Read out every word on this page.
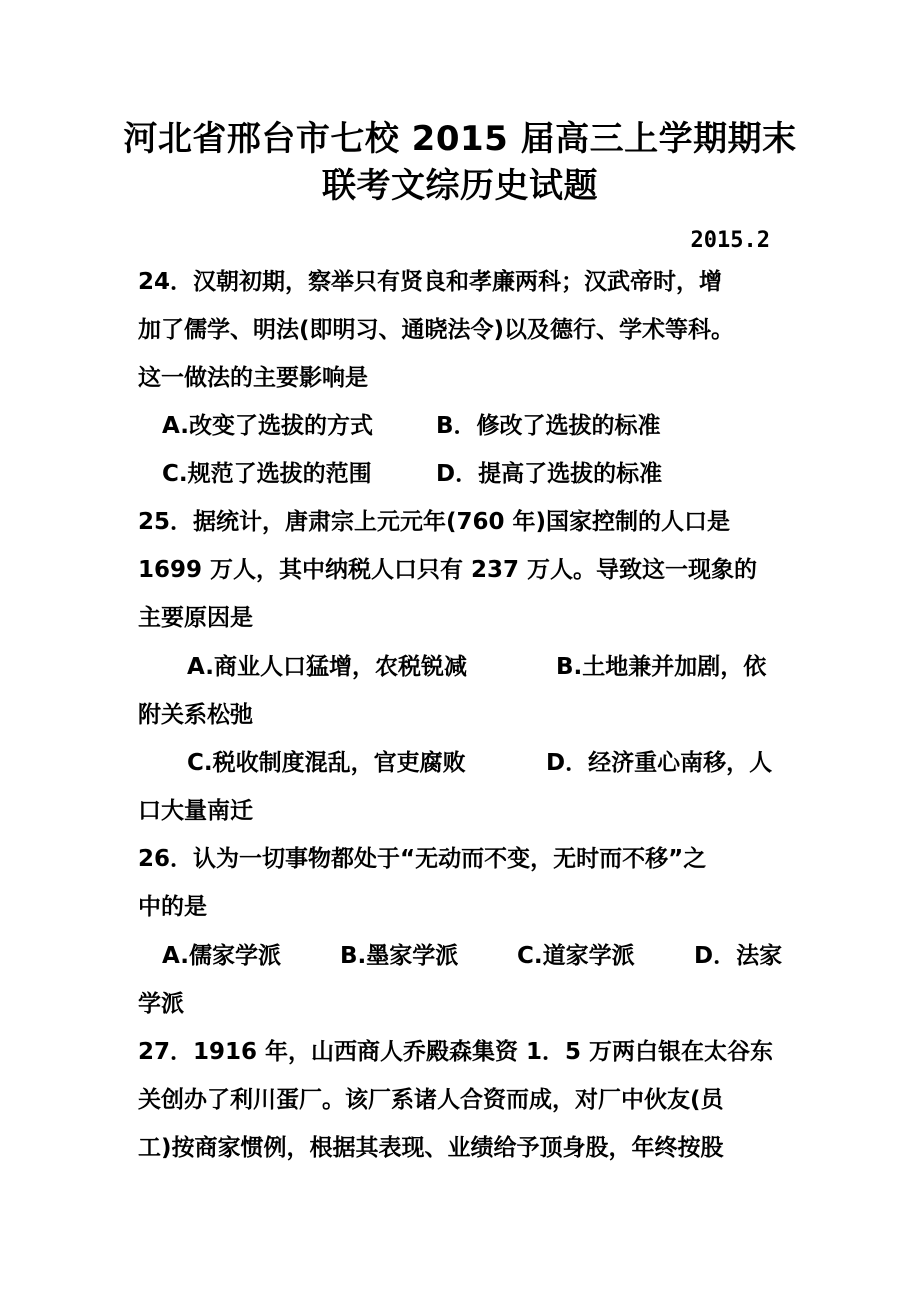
河北省邢台市七校 2015 届高三上学期期末
联考文综历史试题
2015.2
24．汉朝初期，察举只有贤良和孝廉两科；汉武帝时，增
加了儒学、明法(即明习、通晓法令)以及德行、学术等科。
这一做法的主要影响是
A.改变了选拔的方式	B．修改了选拔的标准
C.规范了选拔的范围	D．提高了选拔的标准
25．据统计，唐肃宗上元元年(760 年)国家控制的人口是
1699 万人，其中纳税人口只有 237 万人。导致这一现象的
主要原因是
A.商业人口猛增，农税锐减	B.土地兼并加剧，依
附关系松弛
C.税收制度混乱，官吏腐败	D．经济重心南移，人
口大量南迁
26．认为一切事物都处于“无动而不变，无时而不移”之
中的是
A.儒家学派	B.墨家学派	C.道家学派	D．法家
学派
27．1916 年，山西商人乔殿森集资 1．5 万两白银在太谷东
关创办了利川蛋厂。该厂系诸人合资而成，对厂中伙友(员
工)按商家惯例，根据其表现、业绩给予顶身股，年终按股
